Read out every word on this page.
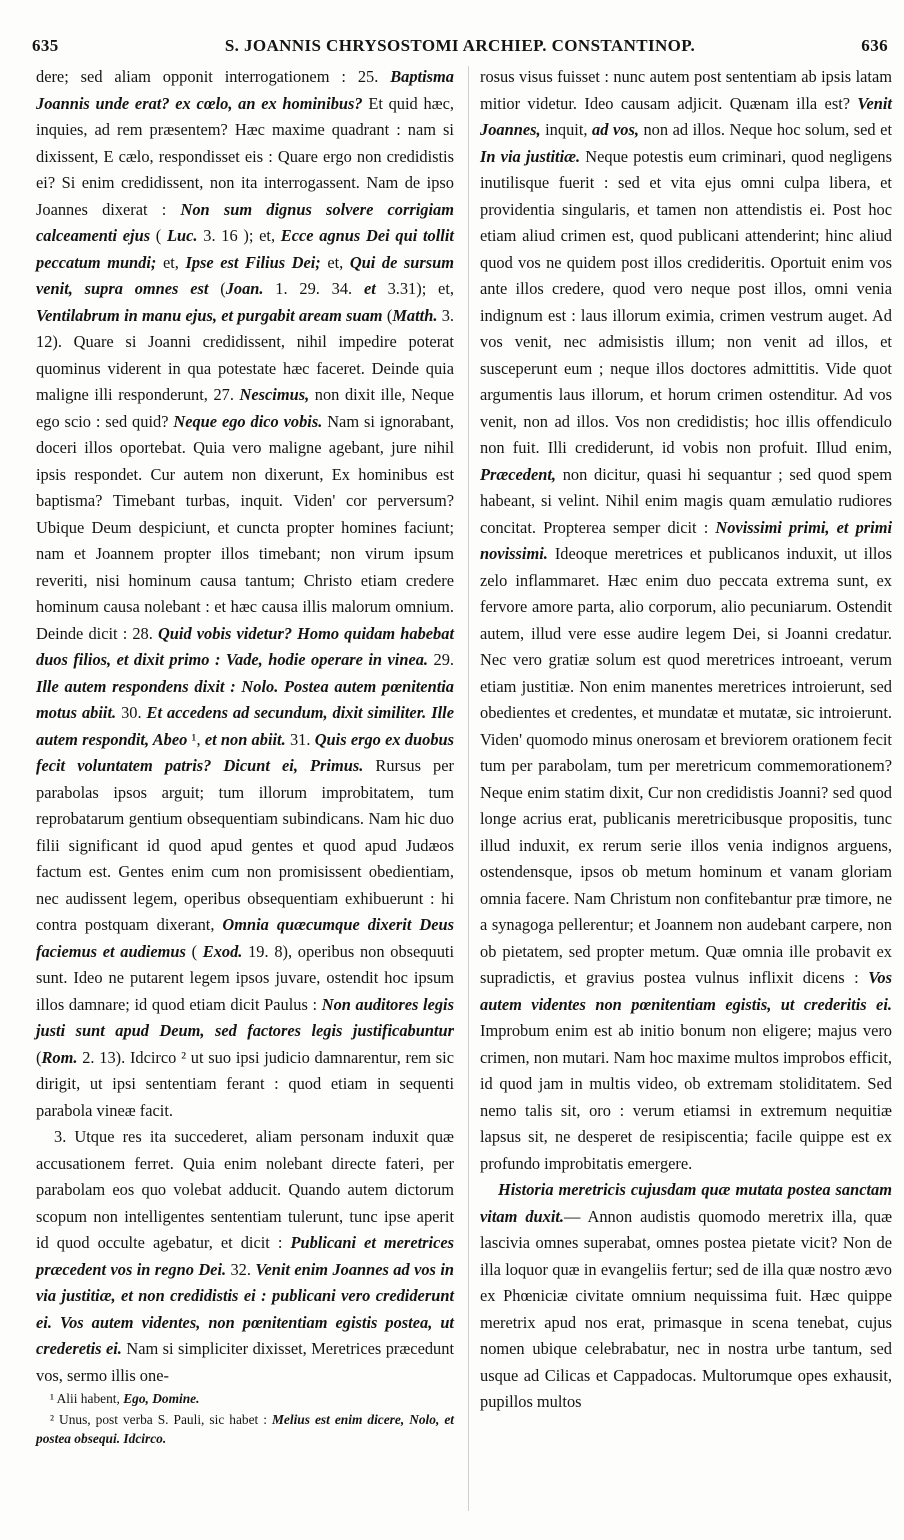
635	S. JOANNIS CHRYSOSTOMI ARCHIEP. CONSTANTINOP.	636

dere; sed aliam opponit interrogationem : 25. Baptisma Joannis unde erat? ex cœlo, an ex hominibus? Et quid hæc, inquies, ad rem præsentem? Hæc maxime quadrant : nam si dixissent, E cælo, respondisset eis : Quare ergo non credidistis ei? Si enim credidissent, non ita interrogassent. Nam de ipso Joannes dixerat : Non sum dignus solvere corrigiam calceamenti ejus ( Luc. 3. 16 ); et, Ecce agnus Dei qui tollit peccatum mundi; et, Ipse est Filius Dei; et, Qui de sursum venit, supra omnes est (Joan. 1. 29. 34. et 3.31); et, Ventilabrum in manu ejus, et purgabit aream suam (Matth. 3. 12). Quare si Joanni credidissent, nihil impedire poterat quominus viderent in qua potestate hæc faceret. Deinde quia maligne illi responderunt, 27. Nescimus, non dixit ille, Neque ego scio : sed quid? Neque ego dico vobis. Nam si ignorabant, doceri illos oportebat. Quia vero maligne agebant, jure nihil ipsis respondet. Cur autem non dixerunt, Ex hominibus est baptisma? Timebant turbas, inquit. Viden' cor perversum? Ubique Deum despiciunt, et cuncta propter homines faciunt; nam et Joannem propter illos timebant; non virum ipsum reveriti, nisi hominum causa tantum; Christo etiam credere hominum causa nolebant : et hæc causa illis malorum omnium. Deinde dicit : 28. Quid vobis videtur? Homo quidam habebat duos filios, et dixit primo : Vade, hodie operare in vinea. 29. Ille autem respondens dixit : Nolo. Postea autem pœnitentia motus abiit. 30. Et accedens ad secundum, dixit similiter. Ille autem respondit, Abeo ¹, et non abiit. 31. Quis ergo ex duobus fecit voluntatem patris? Dicunt ei, Primus. Rursus per parabolas ipsos arguit; tum illorum improbitatem, tum reprobatarum gentium obsequentiam subindicans. Nam hic duo filii significant id quod apud gentes et quod apud Judæos factum est. Gentes enim cum non promisissent obedientiam, nec audissent legem, operibus obsequentiam exhibuerunt : hi contra postquam dixerant, Omnia quæcumque dixerit Deus faciemus et audiemus ( Exod. 19. 8), operibus non obsequuti sunt. Ideo ne putarent legem ipsos juvare, ostendit hoc ipsum illos damnare; id quod etiam dicit Paulus : Non auditores legis justi sunt apud Deum, sed factores legis justificabuntur (Rom. 2. 13). Idcirco ² ut suo ipsi judicio damnarentur, rem sic dirigit, ut ipsi sententiam ferant : quod etiam in sequenti parabola vineæ facit.

3. Utque res ita succederet, aliam personam induxit quæ accusationem ferret. Quia enim nolebant directe fateri, per parabolam eos quo volebat adducit. Quando autem dictorum scopum non intelligentes sententiam tulerunt, tunc ipse aperit id quod occulte agebatur, et dicit : Publicani et meretrices præcedent vos in regno Dei. 32. Venit enim Joannes ad vos in via justitiæ, et non credidistis ei : publicani vero crediderunt ei. Vos autem videntes, non pœnitentiam egistis postea, ut crederetis ei. Nam si simpliciter dixisset, Meretrices præcedunt vos, sermo illis one-

¹ Alii habent, Ego, Domine.

² Unus, post verba S. Pauli, sic habet : Melius est enim dicere, Nolo, et postea obsequi. Idcirco.

rosus visus fuisset : nunc autem post sententiam ab ipsis latam mitior videtur. Ideo causam adjicit. Quænam illa est? Venit Joannes, inquit, ad vos, non ad illos. Neque hoc solum, sed et In via justitiæ. Neque potestis eum criminari, quod negligens inutilisque fuerit : sed et vita ejus omni culpa libera, et providentia singularis, et tamen non attendistis ei. Post hoc etiam aliud crimen est, quod publicani attenderint; hinc aliud quod vos ne quidem post illos credideritis. Oportuit enim vos ante illos credere, quod vero neque post illos, omni venia indignum est : laus illorum eximia, crimen vestrum auget. Ad vos venit, nec admisistis illum; non venit ad illos, et susceperunt eum ; neque illos doctores admittitis. Vide quot argumentis laus illorum, et horum crimen ostenditur. Ad vos venit, non ad illos. Vos non credidistis; hoc illis offendiculo non fuit. Illi crediderunt, id vobis non profuit. Illud enim, Præcedent, non dicitur, quasi hi sequantur ; sed quod spem habeant, si velint. Nihil enim magis quam æmulatio rudiores concitat. Propterea semper dicit : Novissimi primi, et primi novissimi. Ideoque meretrices et publicanos induxit, ut illos zelo inflammaret. Hæc enim duo peccata extrema sunt, ex fervore amore parta, alio corporum, alio pecuniarum. Ostendit autem, illud vere esse audire legem Dei, si Joanni credatur. Nec vero gratiæ solum est quod meretrices introeant, verum etiam justitiæ. Non enim manentes meretrices introierunt, sed obedientes et credentes, et mundatæ et mutatæ, sic introierunt. Viden' quomodo minus onerosam et breviorem orationem fecit tum per parabolam, tum per meretricum commemorationem? Neque enim statim dixit, Cur non credidistis Joanni? sed quod longe acrius erat, publicanis meretricibusque propositis, tunc illud induxit, ex rerum serie illos venia indignos arguens, ostendensque, ipsos ob metum hominum et vanam gloriam omnia facere. Nam Christum non confitebantur præ timore, ne a synagoga pellerentur; et Joannem non audebant carpere, non ob pietatem, sed propter metum. Quæ omnia ille probavit ex supradictis, et gravius postea vulnus inflixit dicens : Vos autem videntes non pœnitentiam egistis, ut crederitis ei. Improbum enim est ab initio bonum non eligere; majus vero crimen, non mutari. Nam hoc maxime multos improbos efficit, id quod jam in multis video, ob extremam stoliditatem. Sed nemo talis sit, oro : verum etiamsi in extremum nequitiæ lapsus sit, ne desperet de resipiscentia; facile quippe est ex profundo improbitatis emergere.

Historia meretricis cujusdam quæ mutata postea sanctam vitam duxit.— Annon audistis quomodo meretrix illa, quæ lascivia omnes superabat, omnes postea pietate vicit? Non de illa loquor quæ in evangeliis fertur; sed de illa quæ nostro ævo ex Phœniciæ civitate omnium nequissima fuit. Hæc quippe meretrix apud nos erat, primasque in scena tenebat, cujus nomen ubique celebrabatur, nec in nostra urbe tantum, sed usque ad Cilicas et Cappadocas. Multorumque opes exhausit, pupillos multos
